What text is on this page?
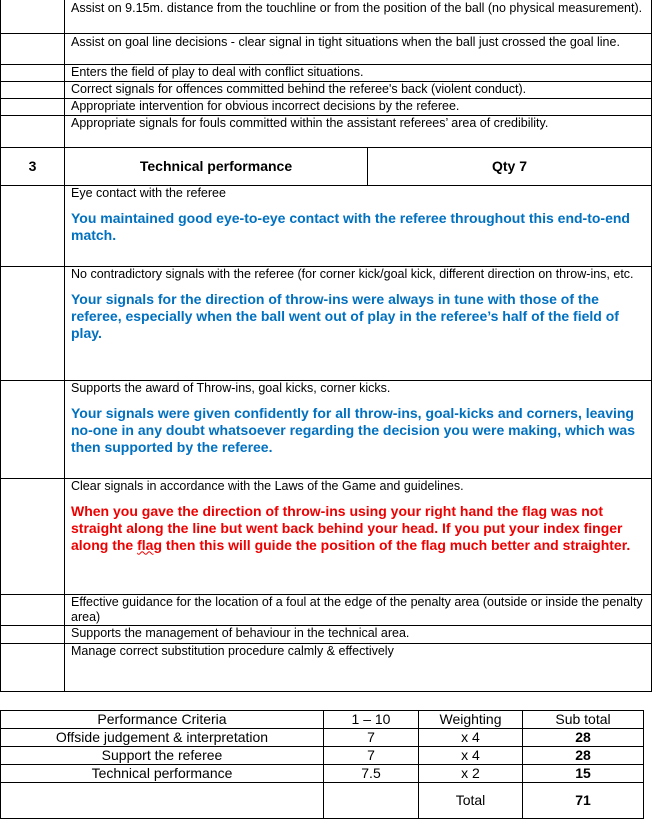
	Assist on 9.15m. distance from the touchline or from the position of the ball (no physical measurement).	
	Assist on goal line decisions - clear signal in tight situations when the ball just crossed the goal line.	
	Enters the field of play to deal with conflict situations.	
	Correct signals for offences committed behind the referee's back (violent conduct).	
	Appropriate intervention for obvious incorrect decisions by the referee.	
	Appropriate signals for fouls committed within the assistant referees’ area of credibility.	
3	Technical performance	Qty 7

	Eye contact with the referee
You maintained good eye-to-eye contact with the referee throughout this end-to-end match.	

	No contradictory signals with the referee (for corner kick/goal kick, different direction on throw-ins, etc.
Your signals for the direction of throw-ins were always in tune with those of the referee, especially when the ball went out of play in the referee’s half of the field of play.	

	Supports the award of Throw-ins, goal kicks, corner kicks.
Your signals were given confidently for all throw-ins, goal-kicks and corners, leaving no-one in any doubt whatsoever regarding the decision you were making, which was then supported by the referee.	

	Clear signals in accordance with the Laws of the Game and guidelines.
When you gave the direction of throw-ins using your right hand the flag was not straight along the line but went back behind your head. If you put your index finger along the flag then this will guide the position of the flag much better and straighter.	

	Effective guidance for the location of a foul at the edge of the penalty area (outside or inside the penalty area)	
	Supports the management of behaviour in the technical area.	
	Manage correct substitution procedure calmly & effectively	
Performance Criteria	1 – 10	Weighting	Sub total
Offside judgement & interpretation	7	x 4	28
Support the referee	7	x 4	28
Technical performance	7.5	x 2	15
		Total	71
